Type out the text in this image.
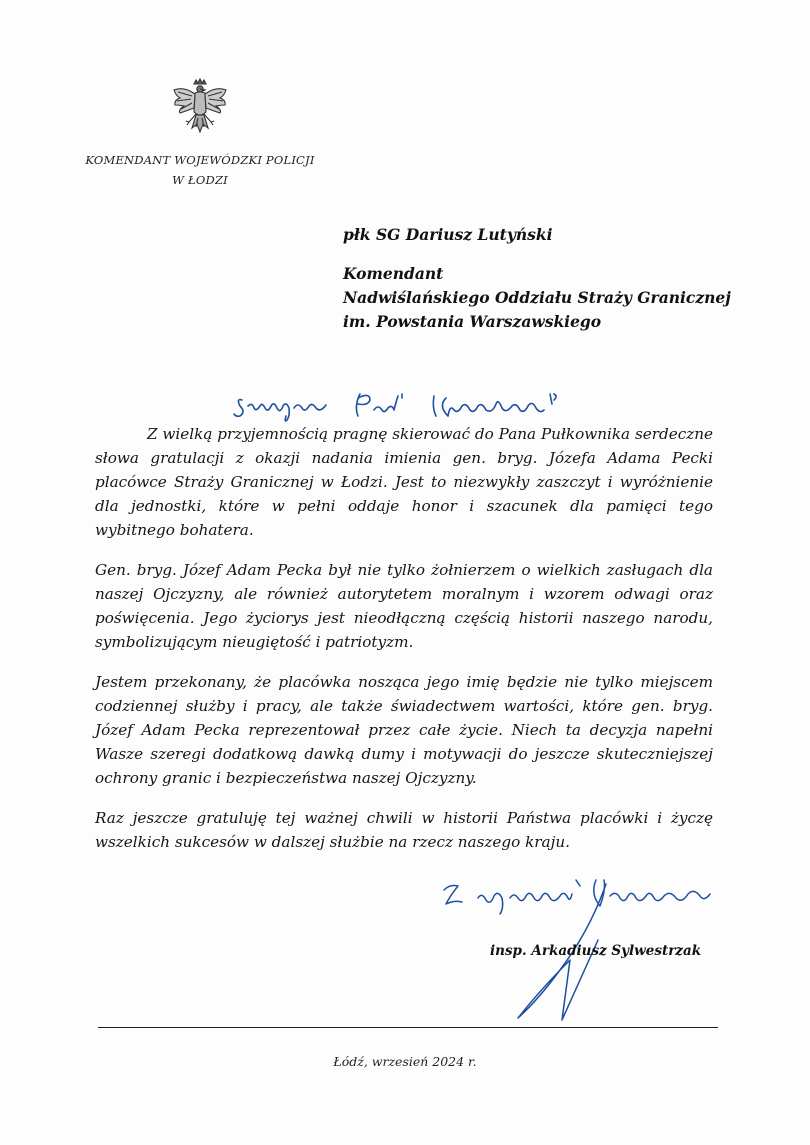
KOMENDANT WOJEWÓDZKI POLICJI
W ŁODZI
płk SG Dariusz Lutyński
Komendant
Nadwiślańskiego Oddziału Straży Granicznej
im. Powstania Warszawskiego

Z wielką przyjemnością pragnę skierować do Pana Pułkownika serdeczne słowa gratulacji z okazji nadania imienia gen. bryg. Józefa Adama Pecki placówce Straży Granicznej w Łodzi. Jest to niezwykły zaszczyt i wyróżnienie dla jednostki, które w pełni oddaje honor i szacunek dla pamięci tego wybitnego bohatera.

Gen. bryg. Józef Adam Pecka był nie tylko żołnierzem o wielkich zasługach dla naszej Ojczyzny, ale również autorytetem moralnym i wzorem odwagi oraz poświęcenia. Jego życiorys jest nieodłączną częścią historii naszego narodu, symbolizującym nieugiętość i patriotyzm.

Jestem przekonany, że placówka nosząca jego imię będzie nie tylko miejscem codziennej służby i pracy, ale także świadectwem wartości, które gen. bryg. Józef Adam Pecka reprezentował przez całe życie. Niech ta decyzja napełni Wasze szeregi dodatkową dawką dumy i motywacji do jeszcze skuteczniejszej ochrony granic i bezpieczeństwa naszej Ojczyzny.

Raz jeszcze gratuluję tej ważnej chwili w historii Państwa placówki i życzę wszelkich sukcesów w dalszej służbie na rzecz naszego kraju.

insp. Arkadiusz Sylwestrzak
Łódź, wrzesień 2024 r.
